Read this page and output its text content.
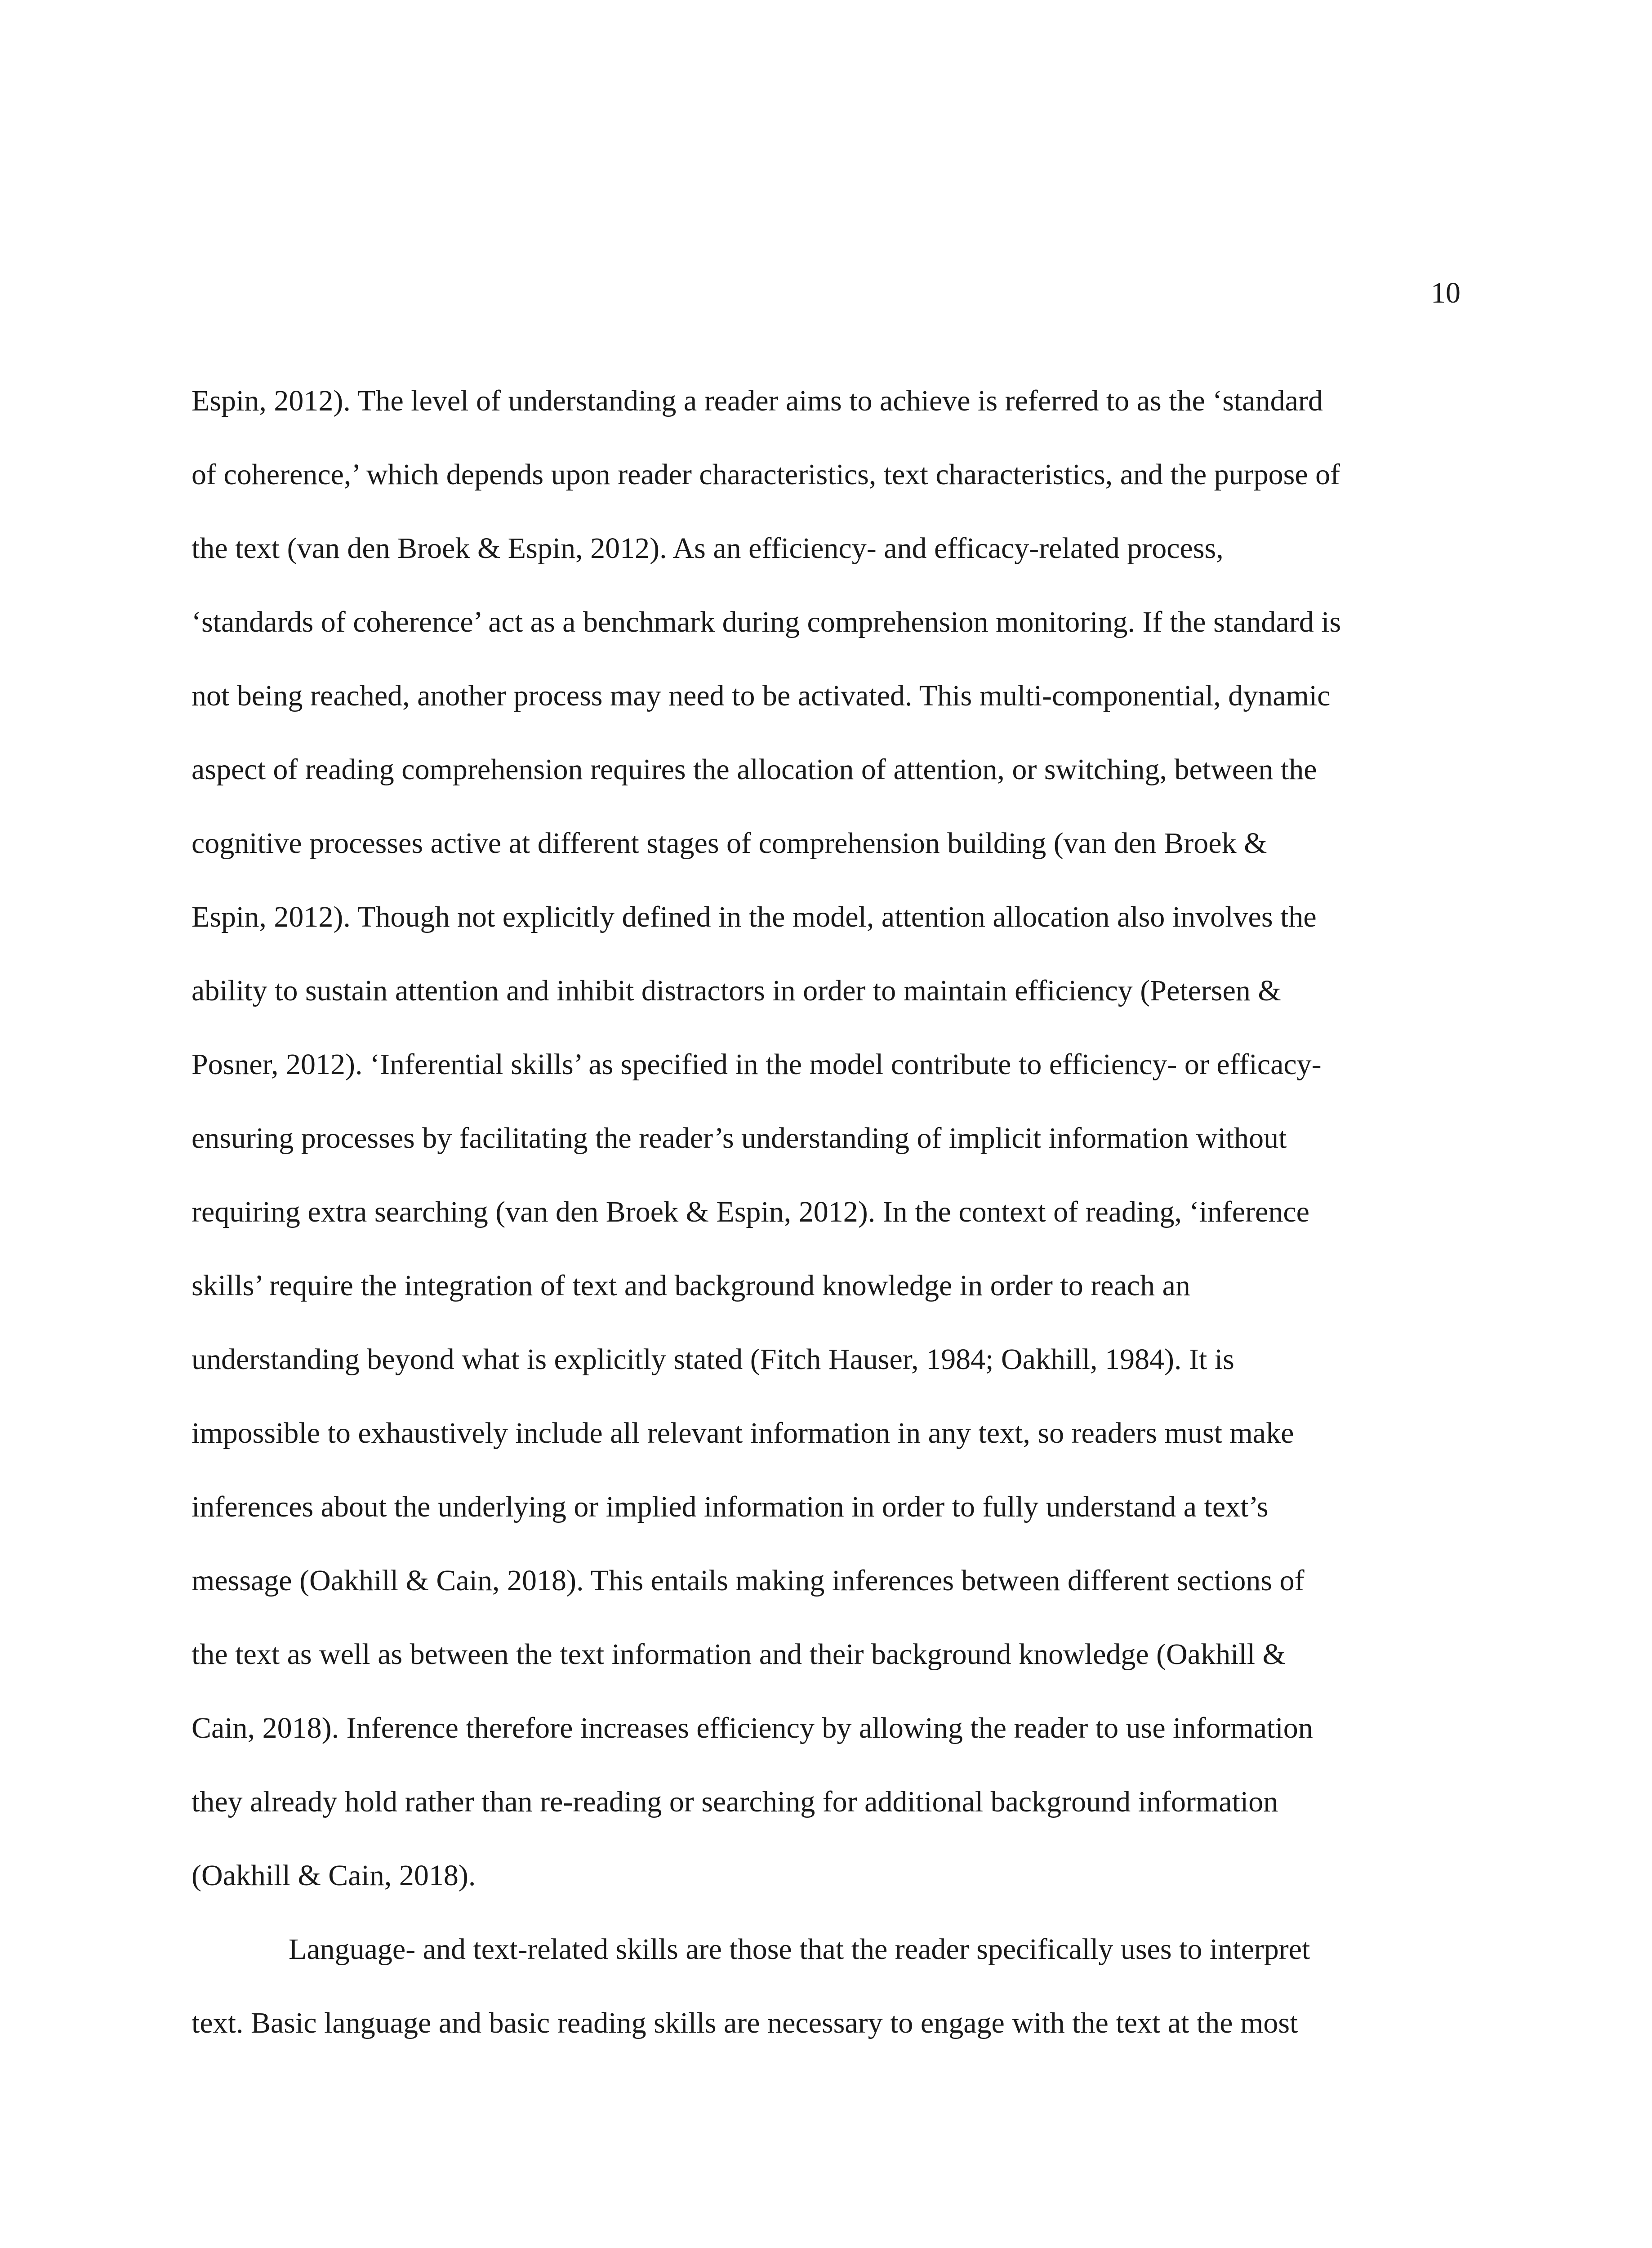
10
Espin, 2012). The level of understanding a reader aims to achieve is referred to as the ‘standard
of coherence,’ which depends upon reader characteristics, text characteristics, and the purpose of
the text (van den Broek & Espin, 2012). As an efficiency- and efficacy-related process,
‘standards of coherence’ act as a benchmark during comprehension monitoring. If the standard is
not being reached, another process may need to be activated. This multi-componential, dynamic
aspect of reading comprehension requires the allocation of attention, or switching, between the
cognitive processes active at different stages of comprehension building (van den Broek &
Espin, 2012). Though not explicitly defined in the model, attention allocation also involves the
ability to sustain attention and inhibit distractors in order to maintain efficiency (Petersen &
Posner, 2012). ‘Inferential skills’ as specified in the model contribute to efficiency- or efficacy-
ensuring processes by facilitating the reader’s understanding of implicit information without
requiring extra searching (van den Broek & Espin, 2012). In the context of reading, ‘inference
skills’ require the integration of text and background knowledge in order to reach an
understanding beyond what is explicitly stated (Fitch Hauser, 1984; Oakhill, 1984). It is
impossible to exhaustively include all relevant information in any text, so readers must make
inferences about the underlying or implied information in order to fully understand a text’s
message (Oakhill & Cain, 2018). This entails making inferences between different sections of
the text as well as between the text information and their background knowledge (Oakhill &
Cain, 2018). Inference therefore increases efficiency by allowing the reader to use information
they already hold rather than re-reading or searching for additional background information
(Oakhill & Cain, 2018).
Language- and text-related skills are those that the reader specifically uses to interpret
text. Basic language and basic reading skills are necessary to engage with the text at the most
